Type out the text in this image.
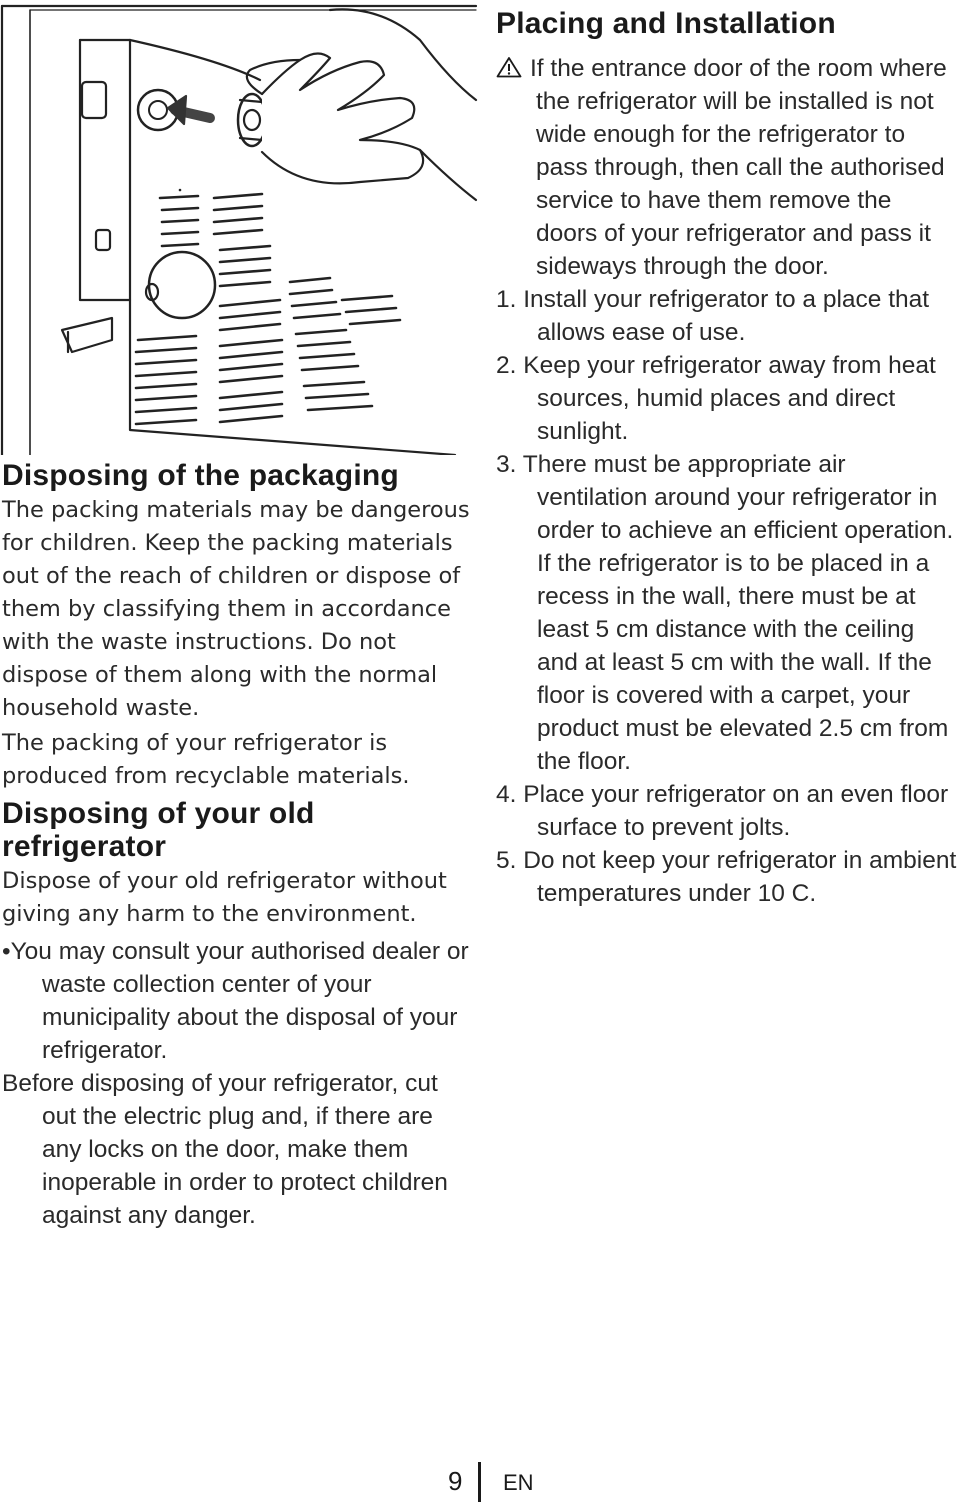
Disposing of the packaging

The packing materials may be dangerous for children. Keep the packing materials out of the reach of children or dispose of them by classifying them in accordance with the waste instructions. Do not dispose of them along with the normal household waste.

The packing of your refrigerator is produced from recyclable materials.

Disposing of your old refrigerator

Dispose of your old refrigerator without giving any harm to the environment.

•You may consult your authorised dealer or waste collection center of your municipality about the disposal of your refrigerator.

Before disposing of your refrigerator, cut out the electric plug and, if there are any locks on the door, make them inoperable in order to protect children against any danger.

Placing and Installation

If the entrance door of the room where the refrigerator will be installed is not wide enough for the refrigerator to pass through, then call the authorised service to have them remove the doors of your refrigerator and pass it sideways through the door.

1. Install your refrigerator to a place that allows ease of use.
2. Keep your refrigerator away from heat sources, humid places and direct sunlight.
3. There must be appropriate air ventilation around your refrigerator in order to achieve an efficient operation. If the refrigerator is to be placed in a recess in the wall, there must be at least 5 cm distance with the ceiling and at least 5 cm with the wall. If the floor is covered with a carpet, your product must be elevated 2.5 cm from the floor.
4. Place your refrigerator on an even floor surface to prevent jolts.
5. Do not keep your refrigerator in ambient temperatures under 10 C.
9 EN
